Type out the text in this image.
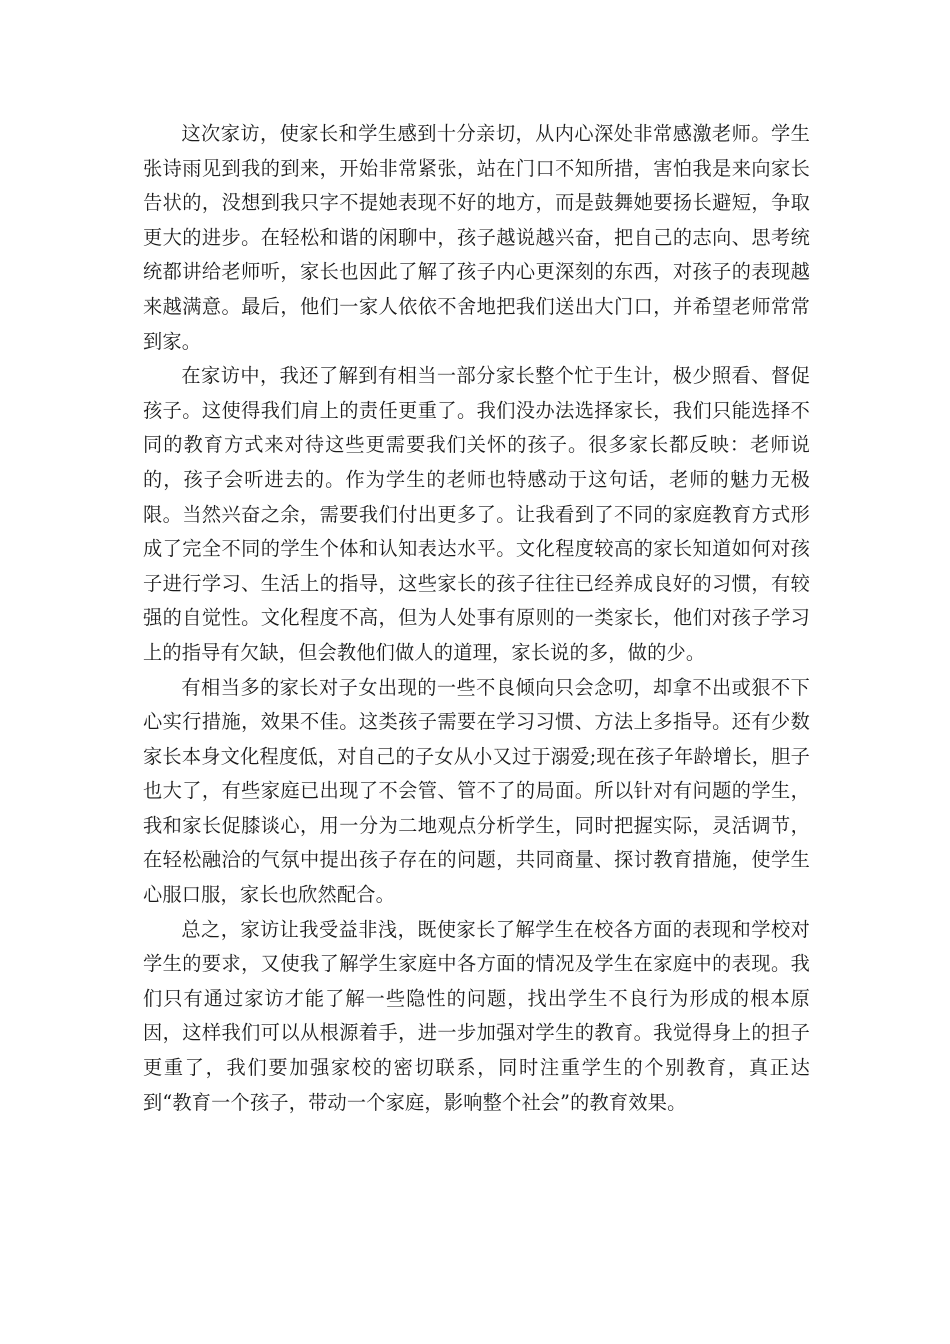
这次家访，使家长和学生感到十分亲切，从内心深处非常感激老师。学生张诗雨见到我的到来，开始非常紧张，站在门口不知所措，害怕我是来向家长告状的，没想到我只字不提她表现不好的地方，而是鼓舞她要扬长避短，争取更大的进步。在轻松和谐的闲聊中，孩子越说越兴奋，把自己的志向、思考统统都讲给老师听，家长也因此了解了孩子内心更深刻的东西，对孩子的表现越来越满意。最后，他们一家人依依不舍地把我们送出大门口，并希望老师常常到家。

在家访中，我还了解到有相当一部分家长整个忙于生计，极少照看、督促孩子。这使得我们肩上的责任更重了。我们没办法选择家长，我们只能选择不同的教育方式来对待这些更需要我们关怀的孩子。很多家长都反映：老师说的，孩子会听进去的。作为学生的老师也特感动于这句话，老师的魅力无极限。当然兴奋之余，需要我们付出更多了。让我看到了不同的家庭教育方式形成了完全不同的学生个体和认知表达水平。文化程度较高的家长知道如何对孩子进行学习、生活上的指导，这些家长的孩子往往已经养成良好的习惯，有较强的自觉性。文化程度不高，但为人处事有原则的一类家长，他们对孩子学习上的指导有欠缺，但会教他们做人的道理，家长说的多，做的少。

有相当多的家长对子女出现的一些不良倾向只会念叨，却拿不出或狠不下心实行措施，效果不佳。这类孩子需要在学习习惯、方法上多指导。还有少数家长本身文化程度低，对自己的子女从小又过于溺爱;现在孩子年龄增长，胆子也大了，有些家庭已出现了不会管、管不了的局面。所以针对有问题的学生，我和家长促膝谈心，用一分为二地观点分析学生，同时把握实际，灵活调节，在轻松融洽的气氛中提出孩子存在的问题，共同商量、探讨教育措施，使学生心服口服，家长也欣然配合。

总之，家访让我受益非浅，既使家长了解学生在校各方面的表现和学校对学生的要求，又使我了解学生家庭中各方面的情况及学生在家庭中的表现。我们只有通过家访才能了解一些隐性的问题，找出学生不良行为形成的根本原因，这样我们可以从根源着手，进一步加强对学生的教育。我觉得身上的担子更重了，我们要加强家校的密切联系，同时注重学生的个别教育，真正达到“教育一个孩子，带动一个家庭，影响整个社会”的教育效果。
